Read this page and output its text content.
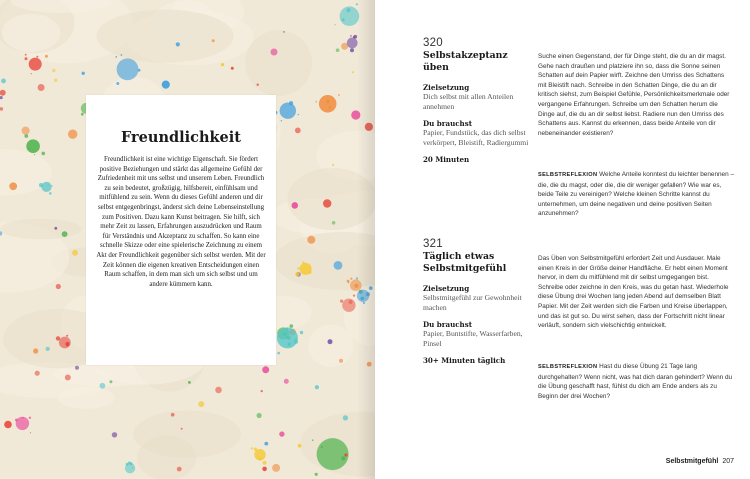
Freundlichkeit

Freundlichkeit ist eine wichtige Eigenschaft. Sie fördert positive Beziehungen und stärkt das allgemeine Gefühl der Zufriedenheit mit uns selbst und unserem Leben. Freundlich zu sein bedeutet, großzügig, hilfsbereit, einfühlsam und mitfühlend zu sein. Wenn du dieses Gefühl anderen und dir selbst entgegenbringst, änderst sich deine Lebenseinstellung zum Positiven. Dazu kann Kunst beitragen. Sie hilft, sich mehr Zeit zu lassen, Erfahrungen auszudrücken und Raum für Verständnis und Akzeptanz zu schaffen. So kann eine schnelle Skizze oder eine spielerische Zeichnung zu einem Akt der Freundlichkeit gegenüber sich selbst werden. Mit der Zeit können die eigenen kreativen Entscheidungen einen Raum schaffen, in dem man sich um sich selbst und um andere kümmern kann.

320

Selbstakzeptanz üben

Zielsetzung

Dich selbst mit allen Anteilen annehmen

Du brauchst

Papier, Fundstück, das dich selbst verkörpert, Bleistift, Radiergummi

20 Minuten

Suche einen Gegenstand, der für Dinge steht, die du an dir magst. Gehe nach draußen und platziere ihn so, dass die Sonne seinen Schatten auf dein Papier wirft. Zeichne den Umriss des Schattens mit Bleistift nach. Schreibe in den Schatten Dinge, die du an dir kritisch siehst, zum Beispiel Gefühle, Persönlichkeitsmerkmale oder vergangene Erfahrungen. Schreibe um den Schatten herum die Dinge auf, die du an dir selbst liebst. Radiere nun den Umriss des Schattens aus. Kannst du erkennen, dass beide Anteile von dir nebeneinander existieren?

SELBSTREFLEXION Welche Anteile konntest du leichter benennen – die, die du magst, oder die, die dir weniger gefallen? Wie war es, beide Teile zu vereinigen? Welche kleinen Schritte kannst du unternehmen, um deine negativen und deine positiven Seiten anzunehmen?

321

Täglich etwas Selbstmitgefühl

Zielsetzung

Selbstmitgefühl zur Gewohnheit machen

Du brauchst

Papier, Buntstifte, Wasserfarben, Pinsel

30+ Minuten täglich

Das Üben von Selbstmitgefühl erfordert Zeit und Ausdauer. Male einen Kreis in der Größe deiner Handfläche. Er hebt einen Moment hervor, in dem du mitfühlend mit dir selbst umgegangen bist. Schreibe oder zeichne in den Kreis, was du getan hast. Wiederhole diese Übung drei Wochen lang jeden Abend auf demselben Blatt Papier. Mit der Zeit werden sich die Farben und Kreise überlappen, und das ist gut so. Du wirst sehen, dass der Fortschritt nicht linear verläuft, sondern sich vielschichtig entwickelt.

SELBSTREFLEXION Hast du diese Übung 21 Tage lang durchgehalten? Wenn nicht, was hat dich daran gehindert? Wenn du die Übung geschafft hast, fühlst du dich am Ende anders als zu Beginn der drei Wochen?

Selbstmitgefühl 207
